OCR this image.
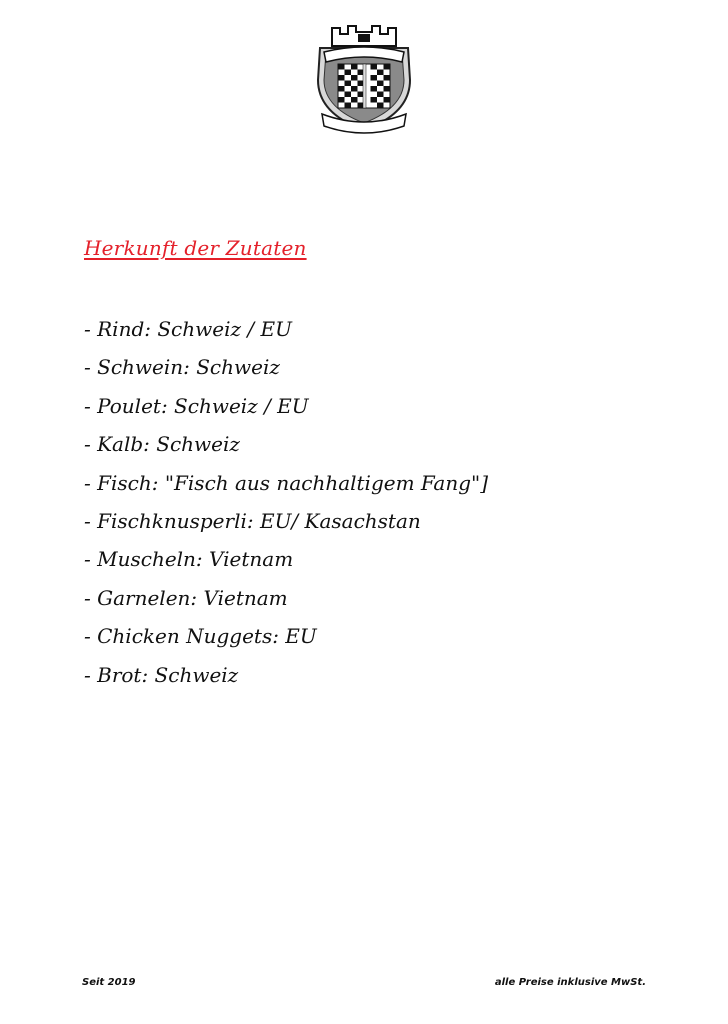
Herkunft der Zutaten
- Rind: Schweiz / EU
- Schwein: Schweiz
- Poulet: Schweiz / EU
- Kalb: Schweiz
- Fisch: "Fisch aus nachhaltigem Fang"]
- Fischknusperli: EU/ Kasachstan
- Muscheln: Vietnam
- Garnelen: Vietnam
- Chicken Nuggets: EU
- Brot: Schweiz
Seit 2019	alle Preise inklusive MwSt.
